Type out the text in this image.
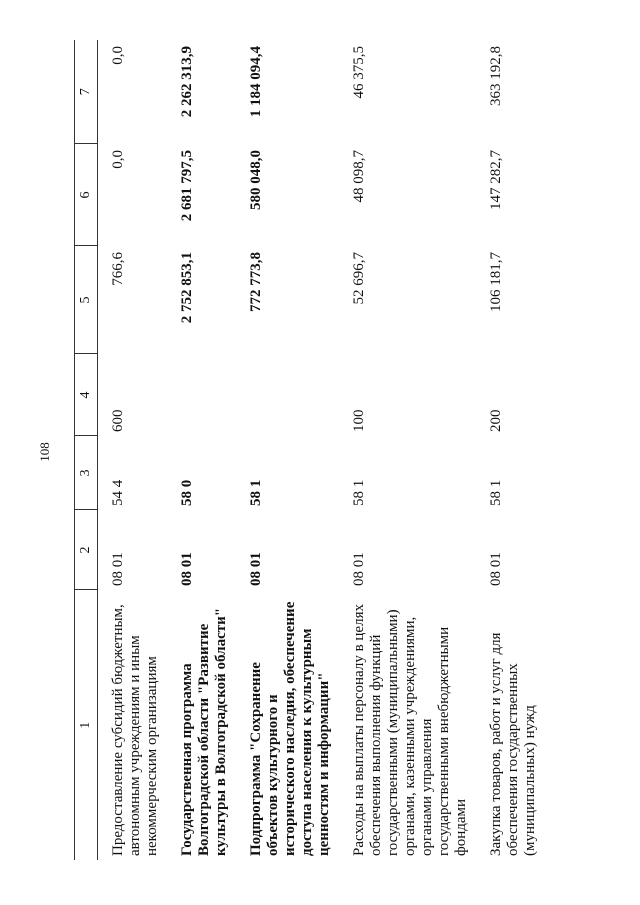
108
1	2	3	4	5	6	7
Предоставление субсидий бюджетным, автономным учреждениям и иным некоммерческим организациям	08 01	54 4	600	766,6	0,0	0,0
Государственная программа Волгоградской области "Развитие культуры в Волгоградской области"	08 01	58 0		2 752 853,1	2 681 797,5	2 262 313,9
Подпрограмма "Сохранение объектов культурного и исторического наследия, обеспечение доступа населения к культурным ценностям и информации"	08 01	58 1		772 773,8	580 048,0	1 184 094,4
Расходы на выплаты персоналу в целях обеспечения выполнения функций государственными (муниципальными) органами, казенными учреждениями, органами управления государственными внебюджетными фондами	08 01	58 1	100	52 696,7	48 098,7	46 375,5
Закупка товаров, работ и услуг для обеспечения государственных (муниципальных) нужд	08 01	58 1	200	106 181,7	147 282,7	363 192,8
